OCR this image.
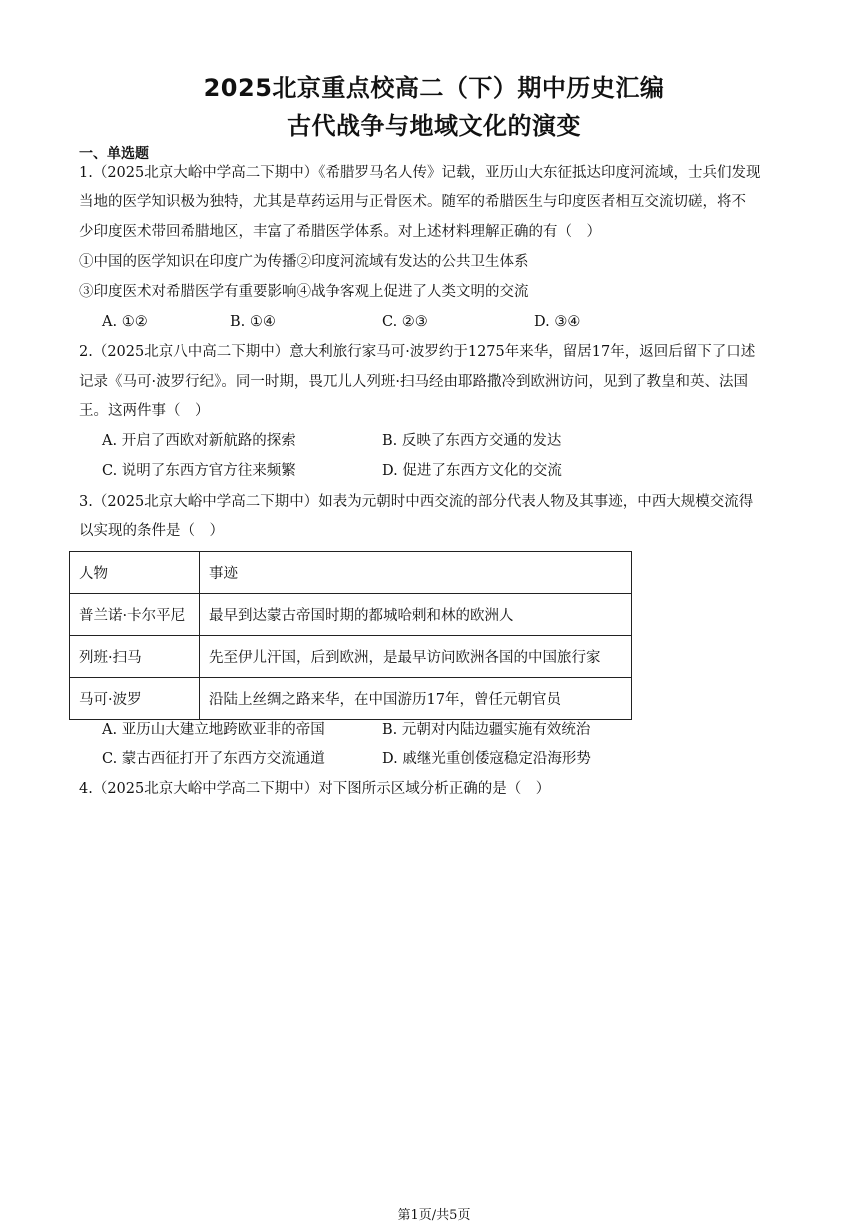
2025北京重点校高二（下）期中历史汇编
古代战争与地域文化的演变
一、单选题
1.（2025北京大峪中学高二下期中）《希腊罗马名人传》记载，亚历山大东征抵达印度河流域，士兵们发现
当地的医学知识极为独特，尤其是草药运用与正骨医术。随军的希腊医生与印度医者相互交流切磋，将不
少印度医术带回希腊地区，丰富了希腊医学体系。对上述材料理解正确的有（　）
①中国的医学知识在印度广为传播②印度河流域有发达的公共卫生体系
③印度医术对希腊医学有重要影响④战争客观上促进了人类文明的交流
A. ①②	B. ①④	C. ②③	D. ③④
2.（2025北京八中高二下期中）意大利旅行家马可·波罗约于1275年来华，留居17年，返回后留下了口述
记录《马可·波罗行纪》。同一时期，畏兀儿人列班·扫马经由耶路撒冷到欧洲访问，见到了教皇和英、法国
王。这两件事（　）
A. 开启了西欧对新航路的探索	B. 反映了东西方交通的发达
C. 说明了东西方官方往来频繁	D. 促进了东西方文化的交流
3.（2025北京大峪中学高二下期中）如表为元朝时中西交流的部分代表人物及其事迹，中西大规模交流得
以实现的条件是（　）
人物	事迹
普兰诺·卡尔平尼	最早到达蒙古帝国时期的都城哈剌和林的欧洲人
列班·扫马	先至伊儿汗国，后到欧洲，是最早访问欧洲各国的中国旅行家
马可·波罗	沿陆上丝绸之路来华，在中国游历17年，曾任元朝官员
A. 亚历山大建立地跨欧亚非的帝国	B. 元朝对内陆边疆实施有效统治
C. 蒙古西征打开了东西方交流通道	D. 戚继光重创倭寇稳定沿海形势
4.（2025北京大峪中学高二下期中）对下图所示区域分析正确的是（　）
第1页/共5页
